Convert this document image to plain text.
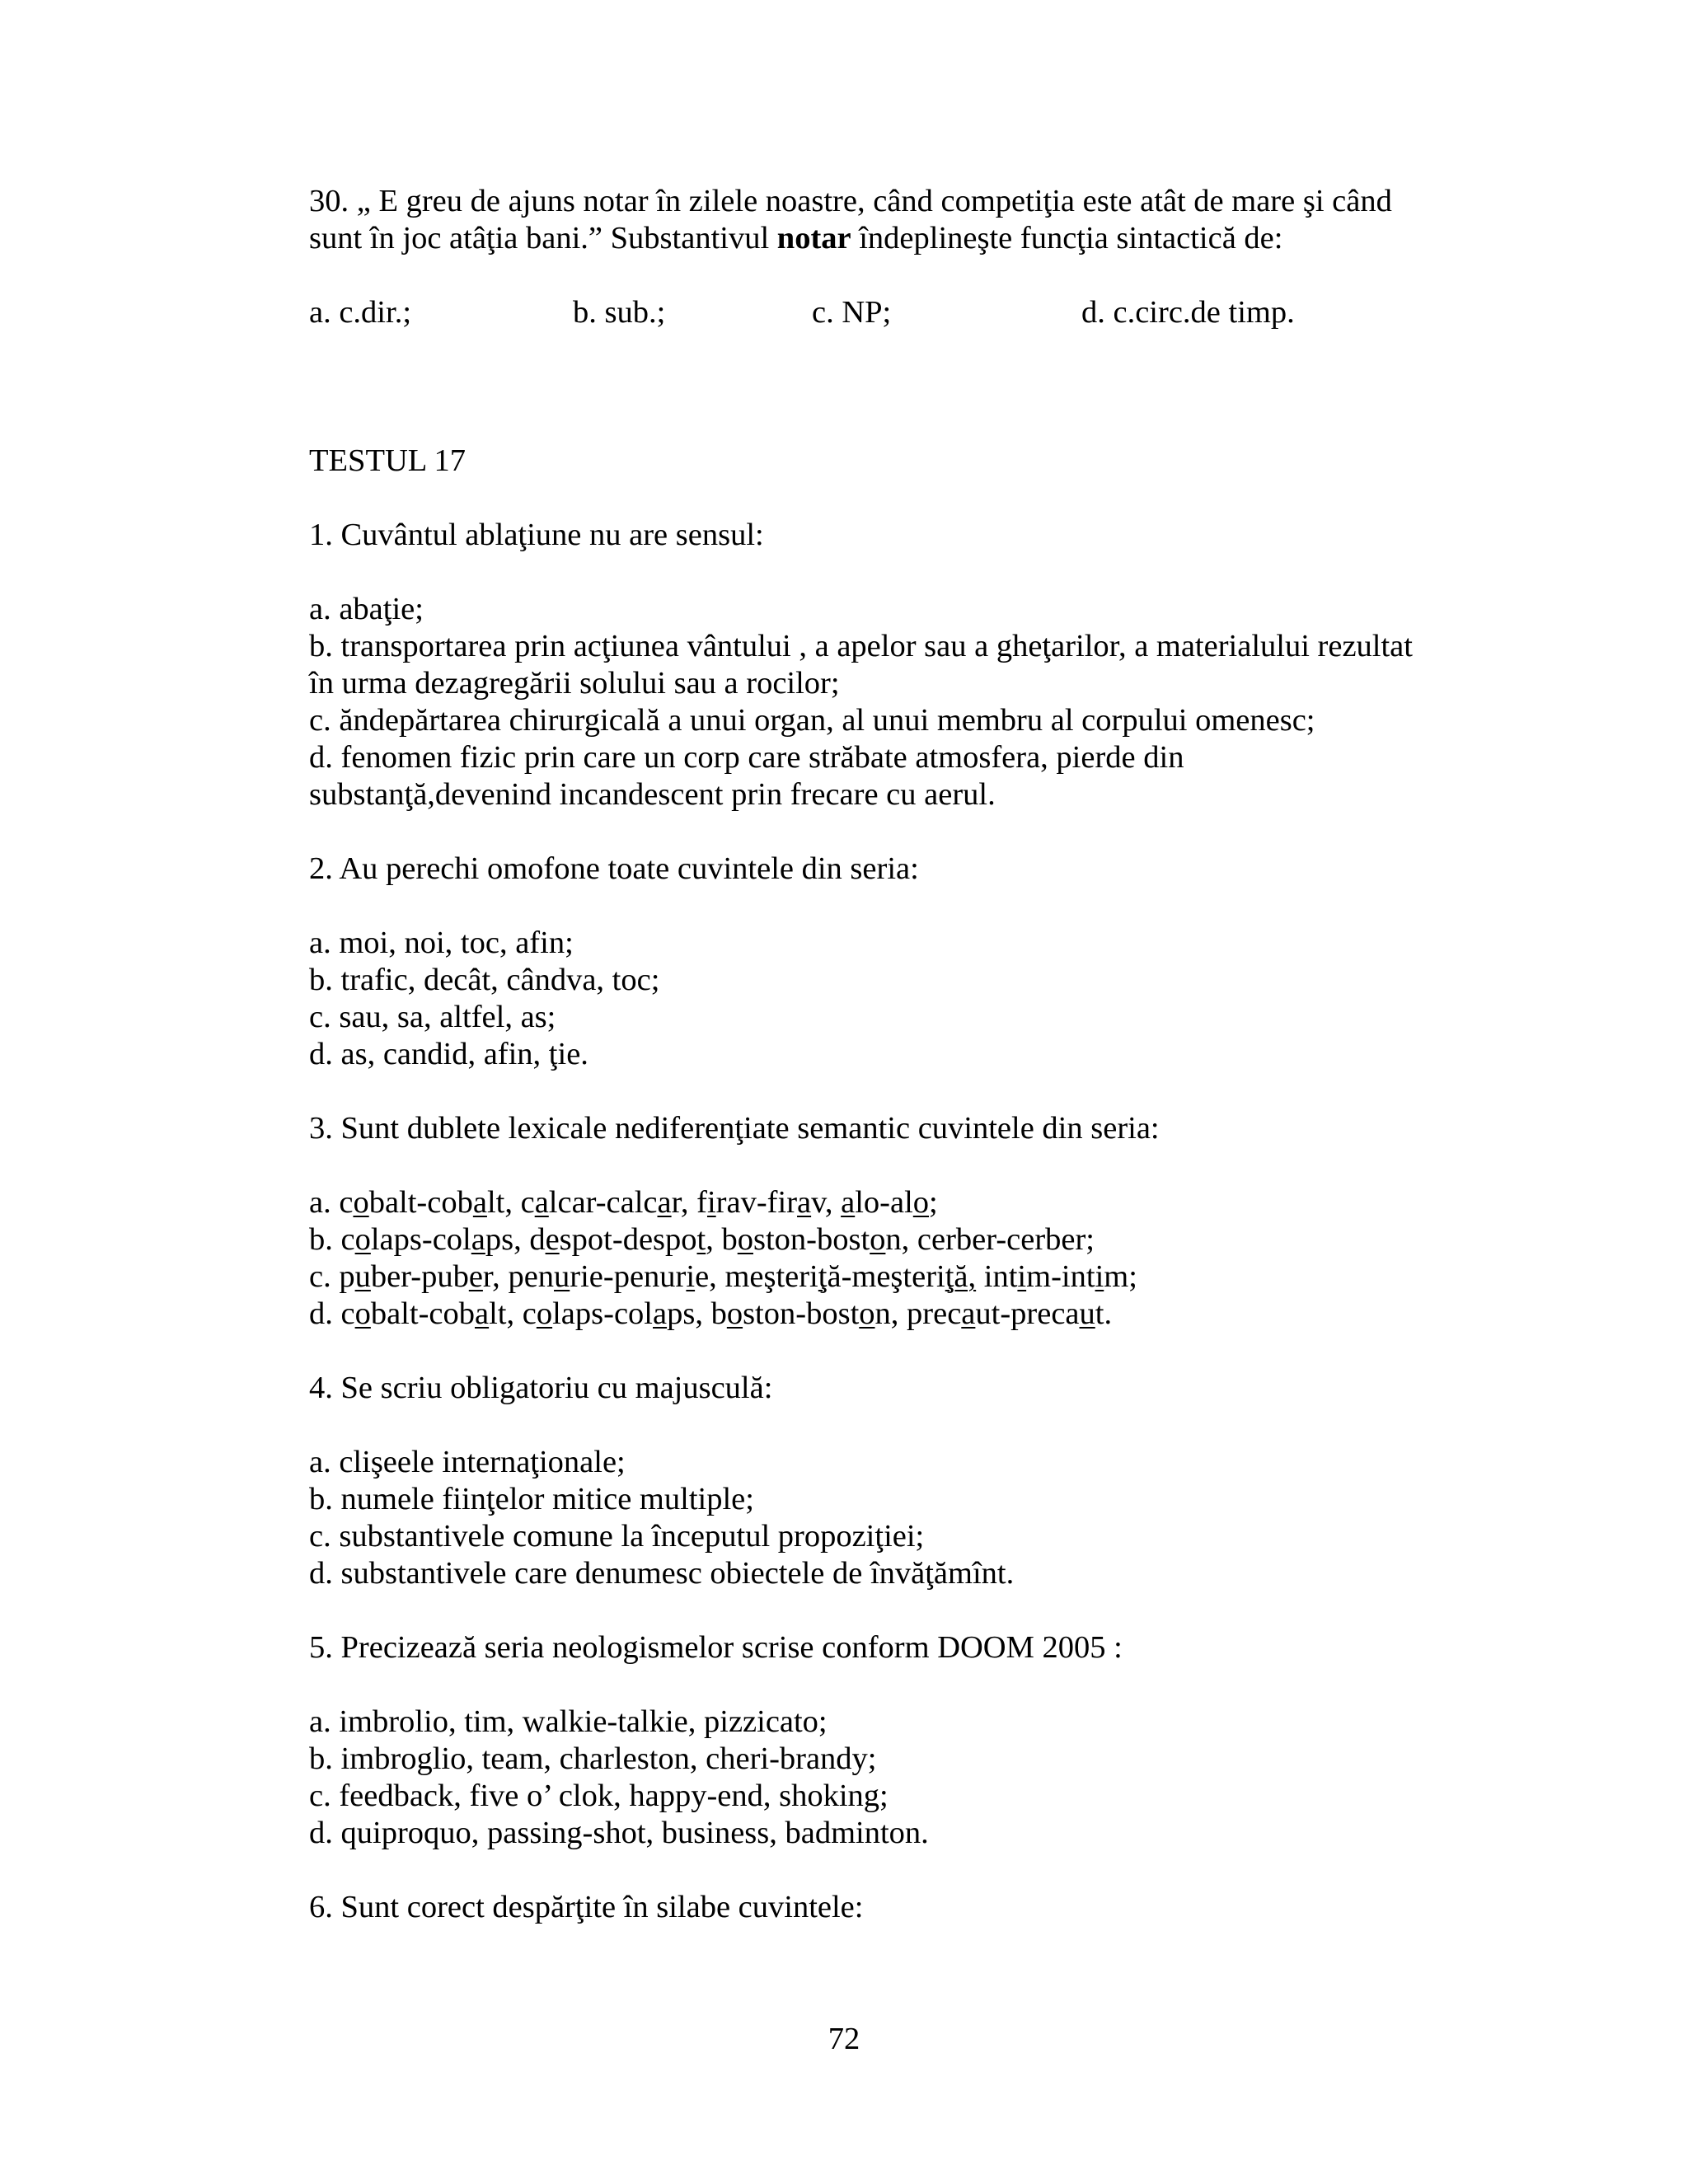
30. „ E greu de ajuns notar în zilele noastre, când competiţia este atât de mare şi când

sunt în joc atâţia bani.” Substantivul notar îndeplineşte funcţia sintactică de:

a. c.dir.;	b. sub.;	c. NP;	d. c.circ.de timp.

TESTUL 17

1. Cuvântul ablaţiune nu are sensul:

a. abaţie;

b. transportarea prin acţiunea vântului , a apelor sau a gheţarilor, a materialului rezultat

în urma dezagregării solului sau a rocilor;

c. ăndepărtarea chirurgicală a unui organ, al unui membru al corpului omenesc;

d. fenomen fizic prin care un corp care străbate atmosfera, pierde din

substanţă,devenind incandescent prin frecare cu aerul.

2. Au perechi omofone toate cuvintele din seria:

a. moi, noi, toc, afin;

b. trafic, decât, cândva, toc;

c. sau, sa, altfel, as;

d. as, candid, afin, ţie.

3. Sunt dublete lexicale nediferenţiate semantic cuvintele din seria:

a. cobalt-cobalt, calcar-calcar, firav-firav, alo-alo;

b. colaps-colaps, despot-despot, boston-boston, cerber-cerber;

c. puber-puber, penurie-penurie, meşteriţă-meşteriţă, intim-intim;

d. cobalt-cobalt, colaps-colaps, boston-boston, precaut-precaut.

4. Se scriu obligatoriu cu majusculă:

a. clişeele internaţionale;

b. numele fiinţelor mitice multiple;

c. substantivele comune la începutul propoziţiei;

d. substantivele care denumesc obiectele de învăţămînt.

5. Precizează seria neologismelor scrise conform DOOM 2005 :

a. imbrolio, tim, walkie-talkie, pizzicato;

b. imbroglio, team, charleston, cheri-brandy;

c. feedback, five o’ clok, happy-end, shoking;

d. quiproquo, passing-shot, business, badminton.

6. Sunt corect despărţite în silabe cuvintele:

72
